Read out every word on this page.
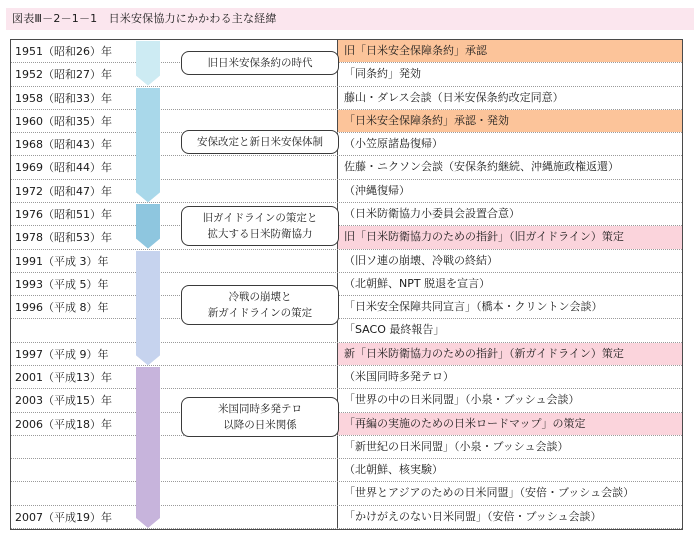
図表Ⅲ－2－1－1　日米安保協力にかかわる主な経緯
1951（昭和26）年	旧「日米安全保障条約」承認
1952（昭和27）年	「同条約」発効
1958（昭和33）年	藤山・ダレス会談（日米安保条約改定同意）
1960（昭和35）年	「日米安全保障条約」承認・発効
1968（昭和43）年	（小笠原諸島復帰）
1969（昭和44）年	佐藤・ニクソン会談（安保条約継続、沖縄施政権返還）
1972（昭和47）年	（沖縄復帰）
1976（昭和51）年	（日米防衛協力小委員会設置合意）
1978（昭和53）年	旧「日米防衛協力のための指針」（旧ガイドライン）策定
1991（平成 3）年	（旧ソ連の崩壊、冷戦の終結）
1993（平成 5）年	（北朝鮮、NPT 脱退を宣言）
1996（平成 8）年	「日米安全保障共同宣言」（橋本・クリントン会談）
「SACO 最終報告」
1997（平成 9）年	新「日米防衛協力のための指針」（新ガイドライン）策定
2001（平成13）年	（米国同時多発テロ）
2003（平成15）年	「世界の中の日米同盟」（小泉・ブッシュ会談）
2006（平成18）年	「再編の実施のための日米ロードマップ」の策定
「新世紀の日米同盟」（小泉・ブッシュ会談）
（北朝鮮、核実験）
「世界とアジアのための日米同盟」（安倍・ブッシュ会談）
2007（平成19）年	「かけがえのない日米同盟」（安倍・ブッシュ会談）
旧日米安保条約の時代
安保改定と新日米安保体制
旧ガイドラインの策定と
拡大する日米防衛協力
冷戦の崩壊と
新ガイドラインの策定
米国同時多発テロ
以降の日米関係
